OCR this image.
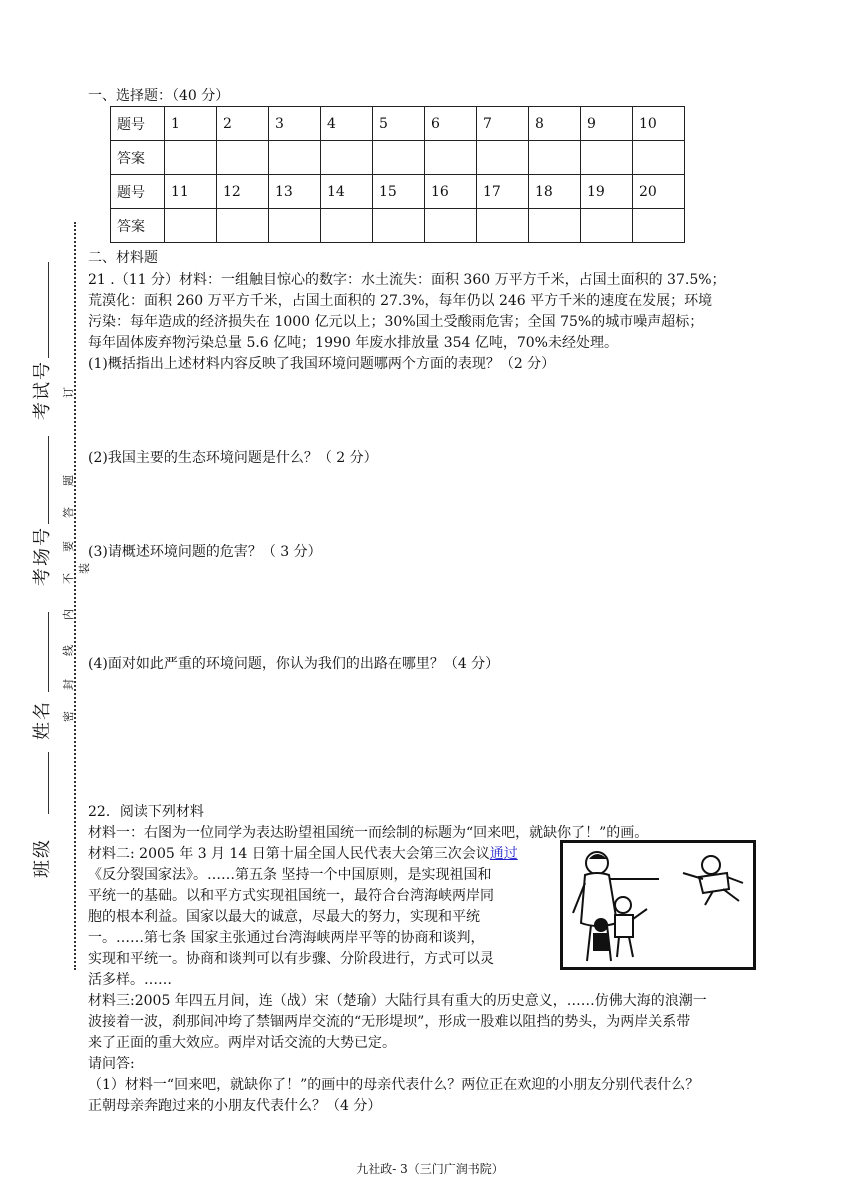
考试号
考场号
姓名
班级
订
题
答
要
不
装
内
线
封
密
一、选择题：（40 分）
题号	1	2	3	4	5	6	7	8	9	10
答案										
题号	11	12	13	14	15	16	17	18	19	20
答案										
二、材料题
21 .（11 分）材料：一组触目惊心的数字：水土流失：面积 360 万平方千米，占国土面积的 37.5%；
荒漠化：面积 260 万平方千米，占国土面积的 27.3%，每年仍以 246 平方千米的速度在发展；环境
污染：每年造成的经济损失在 1000 亿元以上；30%国土受酸雨危害；全国 75%的城市噪声超标；
每年固体废弃物污染总量 5.6 亿吨；1990 年废水排放量 354 亿吨，70%未经处理。
(1)概括指出上述材料内容反映了我国环境问题哪两个方面的表现？（2 分）
(2)我国主要的生态环境问题是什么？（ 2 分）
(3)请概述环境问题的危害？（ 3 分）
(4)面对如此严重的环境问题，你认为我们的出路在哪里？（4 分）
22．阅读下列材料
材料一：右图为一位同学为表达盼望祖国统一而绘制的标题为“回来吧，就缺你了！”的画。
材料二: 2005 年 3 月 14 日第十届全国人民代表大会第三次会议通过
《反分裂国家法》。……第五条 坚持一个中国原则，是实现祖国和
平统一的基础。以和平方式实现祖国统一，最符合台湾海峡两岸同
胞的根本利益。国家以最大的诚意，尽最大的努力，实现和平统
一。……第七条 国家主张通过台湾海峡两岸平等的协商和谈判，
实现和平统一。协商和谈判可以有步骤、分阶段进行，方式可以灵
活多样。……
材料三:2005 年四五月间，连（战）宋（楚瑜）大陆行具有重大的历史意义，……仿佛大海的浪潮一
波接着一波，刹那间冲垮了禁锢两岸交流的“无形堤坝”，形成一股难以阻挡的势头，为两岸关系带
来了正面的重大效应。两岸对话交流的大势已定。
请问答:
（1）材料一“回来吧，就缺你了！”的画中的母亲代表什么？两位正在欢迎的小朋友分别代表什么？
正朝母亲奔跑过来的小朋友代表什么？（4 分）
九社政- 3（三门广润书院）
